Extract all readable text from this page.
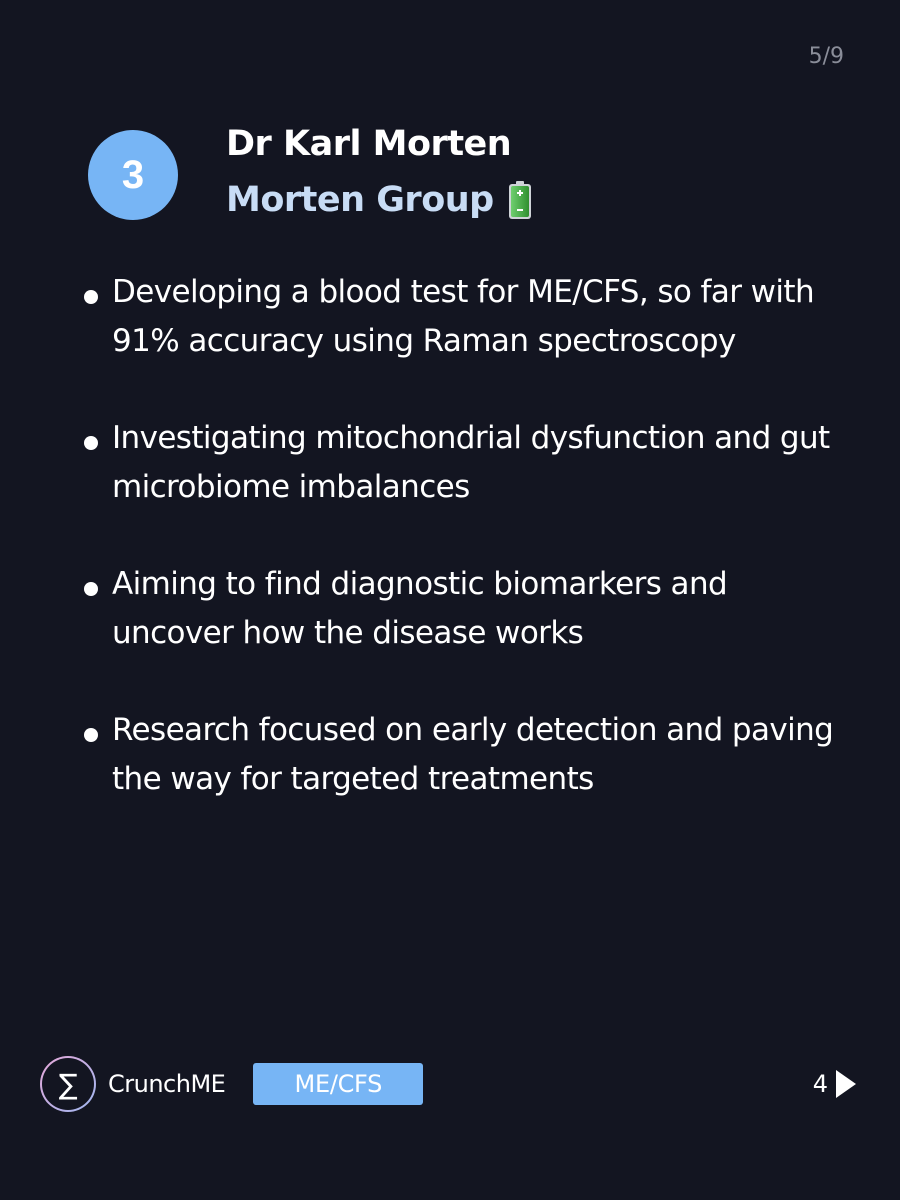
5/9
3
Dr Karl Morten
Morten Group
Developing a blood test for ME/CFS, so far with 91% accuracy using Raman spectroscopy
Investigating mitochondrial dysfunction and gut microbiome imbalances
Aiming to find diagnostic biomarkers and uncover how the disease works
Research focused on early detection and paving the way for targeted treatments
∑ CrunchME	ME/CFS	4
